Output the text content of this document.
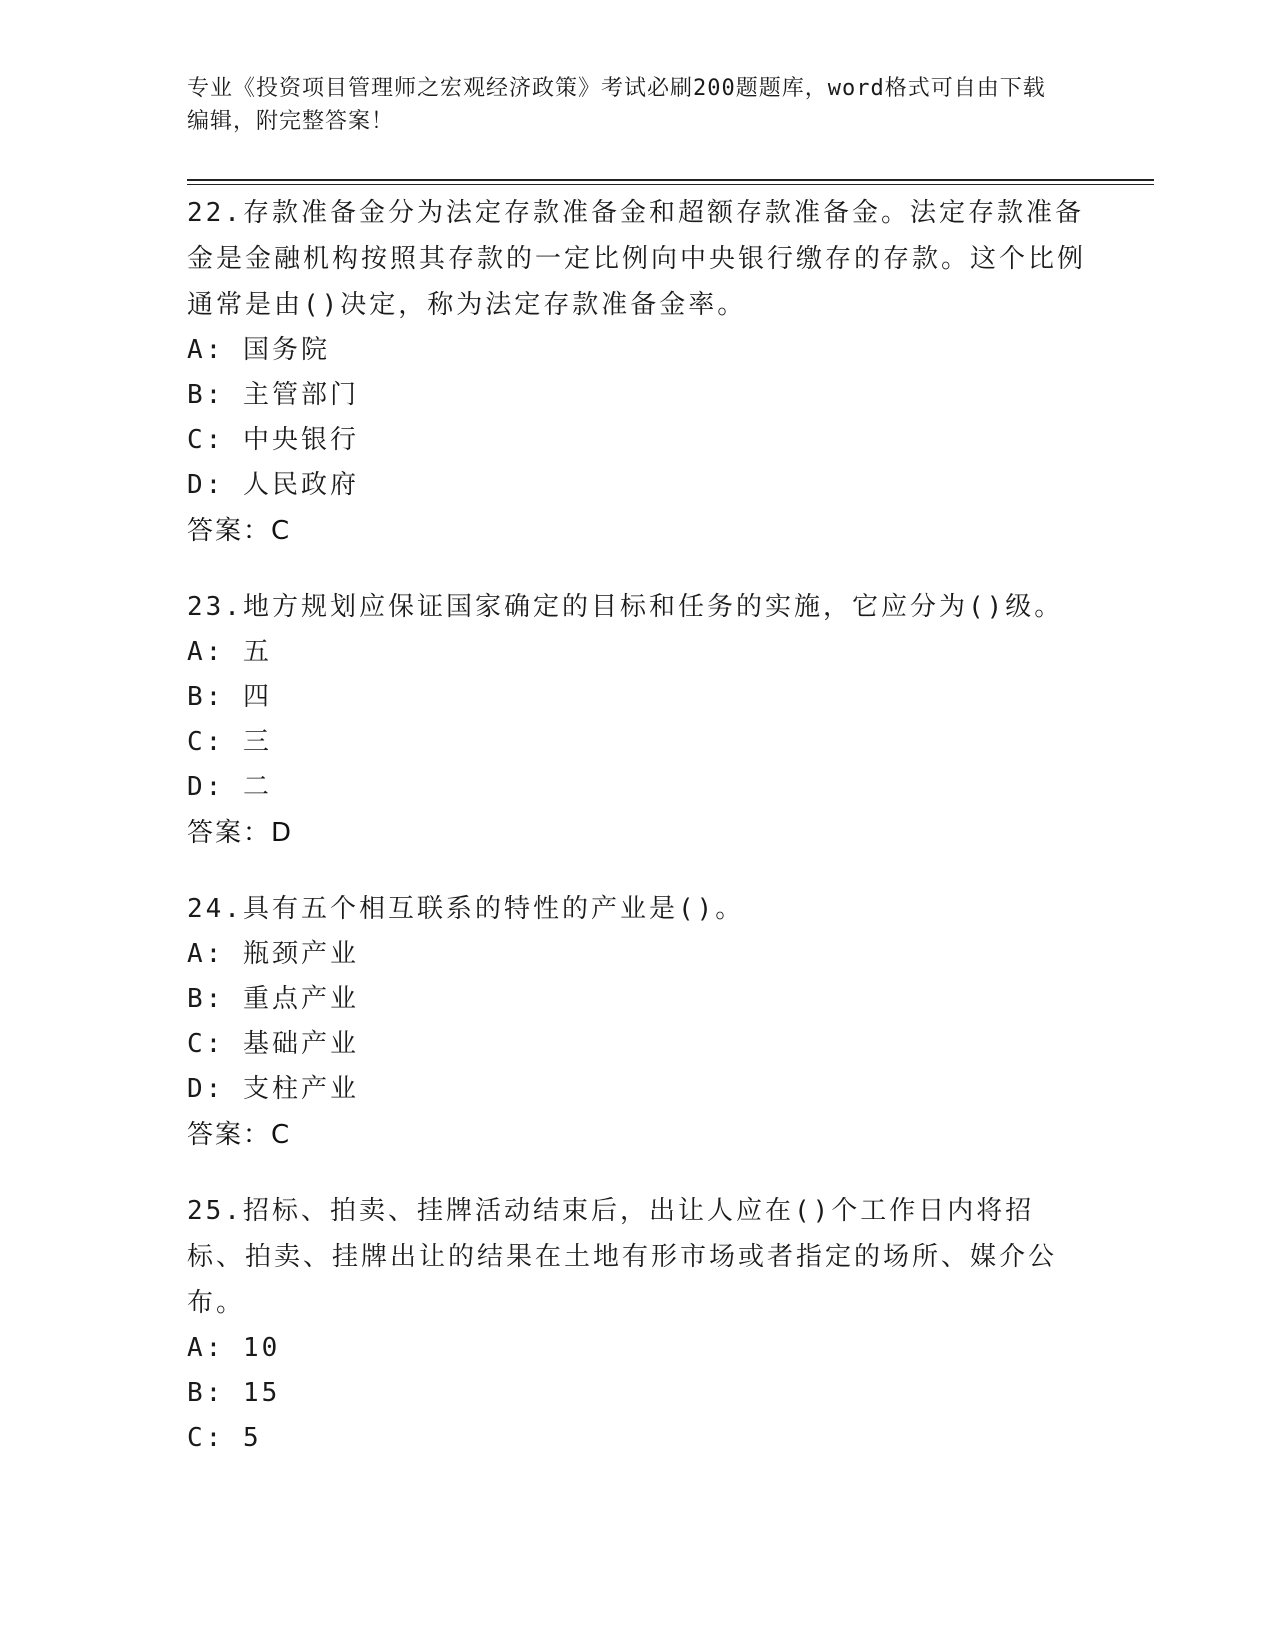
专业《投资项目管理师之宏观经济政策》考试必刷200题题库，word格式可自由下载编辑，附完整答案！

22.存款准备金分为法定存款准备金和超额存款准备金。法定存款准备金是金融机构按照其存款的一定比例向中央银行缴存的存款。这个比例通常是由()决定，称为法定存款准备金率。

A: 国务院

B: 主管部门

C: 中央银行

D: 人民政府

答案：C

23.地方规划应保证国家确定的目标和任务的实施，它应分为()级。

A: 五

B: 四

C: 三

D: 二

答案：D

24.具有五个相互联系的特性的产业是()。

A: 瓶颈产业

B: 重点产业

C: 基础产业

D: 支柱产业

答案：C

25.招标、拍卖、挂牌活动结束后，出让人应在()个工作日内将招标、拍卖、挂牌出让的结果在土地有形市场或者指定的场所、媒介公布。

A: 10

B: 15

C: 5
